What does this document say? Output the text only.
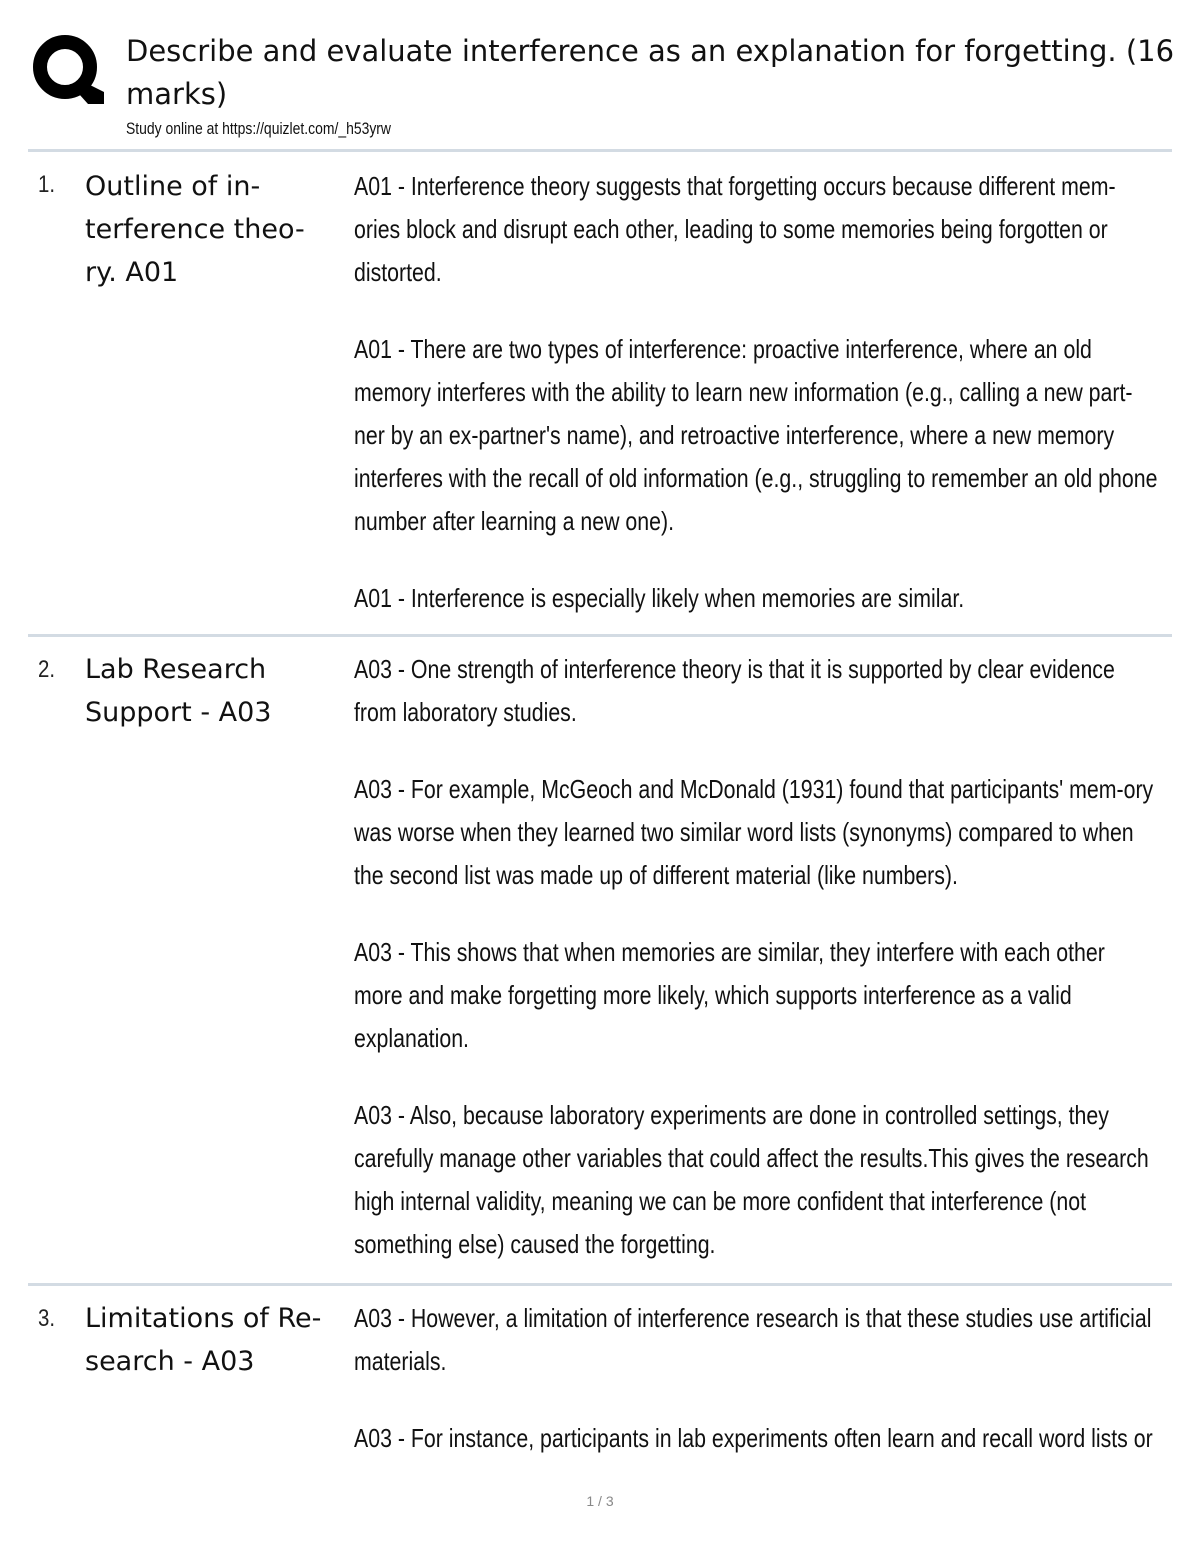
Describe and evaluate interference as an explanation for forgetting. (16 marks)
Study online at https://quizlet.com/_h53yrw
1. Outline of in-terference theo-ry. A01

A01 - Interference theory suggests that forgetting occurs because different mem-ories block and disrupt each other, leading to some memories being forgotten or distorted.

A01 - There are two types of interference: proactive interference, where an old memory interferes with the ability to learn new information (e.g., calling a new part-ner by an ex-partner's name), and retroactive interference, where a new memory interferes with the recall of old information (e.g., struggling to remember an old phone number after learning a new one).

A01 - Interference is especially likely when memories are similar.

2. Lab Research Support - A03

A03 - One strength of interference theory is that it is supported by clear evidence from laboratory studies.

A03 - For example, McGeoch and McDonald (1931) found that participants' mem-ory was worse when they learned two similar word lists (synonyms) compared to when the second list was made up of different material (like numbers).

A03 - This shows that when memories are similar, they interfere with each other more and make forgetting more likely, which supports interference as a valid explanation.

A03 - Also, because laboratory experiments are done in controlled settings, they carefully manage other variables that could affect the results.This gives the research high internal validity, meaning we can be more confident that interference (not something else) caused the forgetting.

3. Limitations of Re-search - A03

A03 - However, a limitation of interference research is that these studies use artificial materials.

A03 - For instance, participants in lab experiments often learn and recall word lists or

1 / 3
